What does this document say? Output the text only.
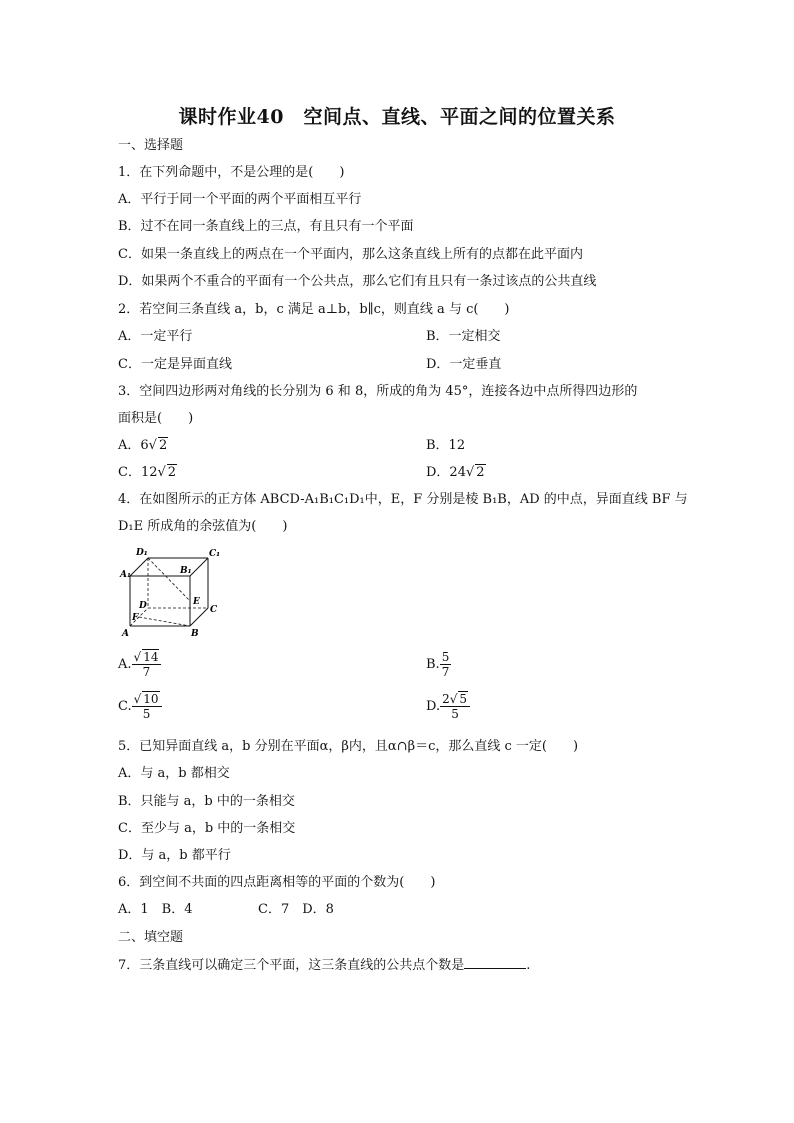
课时作业40　空间点、直线、平面之间的位置关系
一、选择题
1．在下列命题中，不是公理的是(　　)
A．平行于同一个平面的两个平面相互平行
B．过不在同一条直线上的三点，有且只有一个平面
C．如果一条直线上的两点在一个平面内，那么这条直线上所有的点都在此平面内
D．如果两个不重合的平面有一个公共点，那么它们有且只有一条过该点的公共直线
2．若空间三条直线 a，b，c 满足 a⊥b，b∥c，则直线 a 与 c(　　)
A．一定平行	B．一定相交
C．一定是异面直线	D．一定垂直
3．空间四边形两对角线的长分别为 6 和 8，所成的角为 45°，连接各边中点所得四边形的
面积是(　　)
A．6√ 2	B．12
C．12√ 2	D．24√ 2
4．在如图所示的正方体 ABCD-A₁B₁C₁D₁中，E，F 分别是棱 B₁B，AD 的中点，异面直线 BF 与
D₁E 所成角的余弦值为(　　)
D₁	C₁
A₁	B₁
D	E
C
F
A	B
A. $\frac{√ 14}{7}$	B. $\frac{5}{7}$
C. $\frac{√ 10}{5}$	D. $\frac{2√ 5}{5}$
5．已知异面直线 a，b 分别在平面α，β内，且α∩β＝c，那么直线 c 一定(　　)
A．与 a，b 都相交
B．只能与 a，b 中的一条相交
C．至少与 a，b 中的一条相交
D．与 a，b 都平行
6．到空间不共面的四点距离相等的平面的个数为(　　)
A．1　B．4	C．7　D．8
二、填空题
7．三条直线可以确定三个平面，这三条直线的公共点个数是	.
